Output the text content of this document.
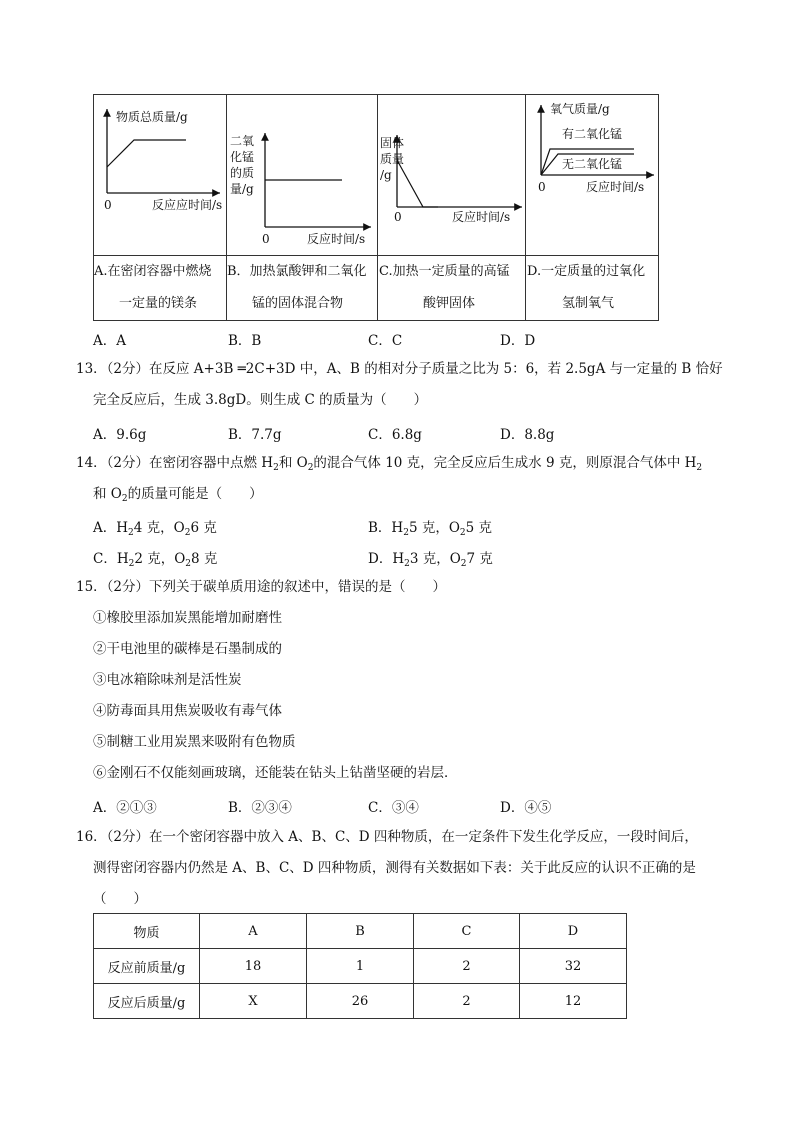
物质总质量/g
0	反应应时间/s
二氧
化锰
的质
量/g
0	反应时间/s
固体
质量
/g
0	反应时间/s
氧气质量/g
有二氧化锰
无二氧化锰
0	反应时间/s
A.在密闭容器中燃烧
一定量的镁条
B．加热氯酸钾和二氧化
锰的固体混合物
C.加热一定质量的高锰
酸钾固体
D.一定质量的过氧化
氢制氧气
A．A	B．B	C．C	D．D
13．（2分）在反应 A+3B ═2C+3D 中，A、B 的相对分子质量之比为 5：6，若 2.5gA 与一定量的 B 恰好
完全反应后，生成 3.8gD。则生成 C 的质量为（　　）
A．9.6g	B．7.7g	C．6.8g	D．8.8g
14．（2分）在密闭容器中点燃 $H_2$和 $O_2$的混合气体 10 克，完全反应后生成水 9 克，则原混合气体中 $H_2$
和 $O_2$的质量可能是（　　）
A．$H_24$ 克，$O_26$ 克	B．$H_25$ 克，$O_25$ 克
C．$H_22$ 克，$O_28$ 克	D．$H_23$ 克，$O_27$ 克
15．（2分）下列关于碳单质用途的叙述中，错误的是（　　）
①橡胶里添加炭黑能增加耐磨性
②干电池里的碳棒是石墨制成的
③电冰箱除味剂是活性炭
④防毒面具用焦炭吸收有毒气体
⑤制糖工业用炭黑来吸附有色物质
⑥金刚石不仅能刻画玻璃，还能装在钻头上钻凿坚硬的岩层．
A．②①③	B．②③④	C．③④	D．④⑤
16．（2分）在一个密闭容器中放入 A、B、C、D 四种物质，在一定条件下发生化学反应，一段时间后，
测得密闭容器内仍然是 A、B、C、D 四种物质，测得有关数据如下表：关于此反应的认识不正确的是
（　　）
物质	A	B	C	D
反应前质量/g	18	1	2	32
反应后质量/g	X	26	2	12
